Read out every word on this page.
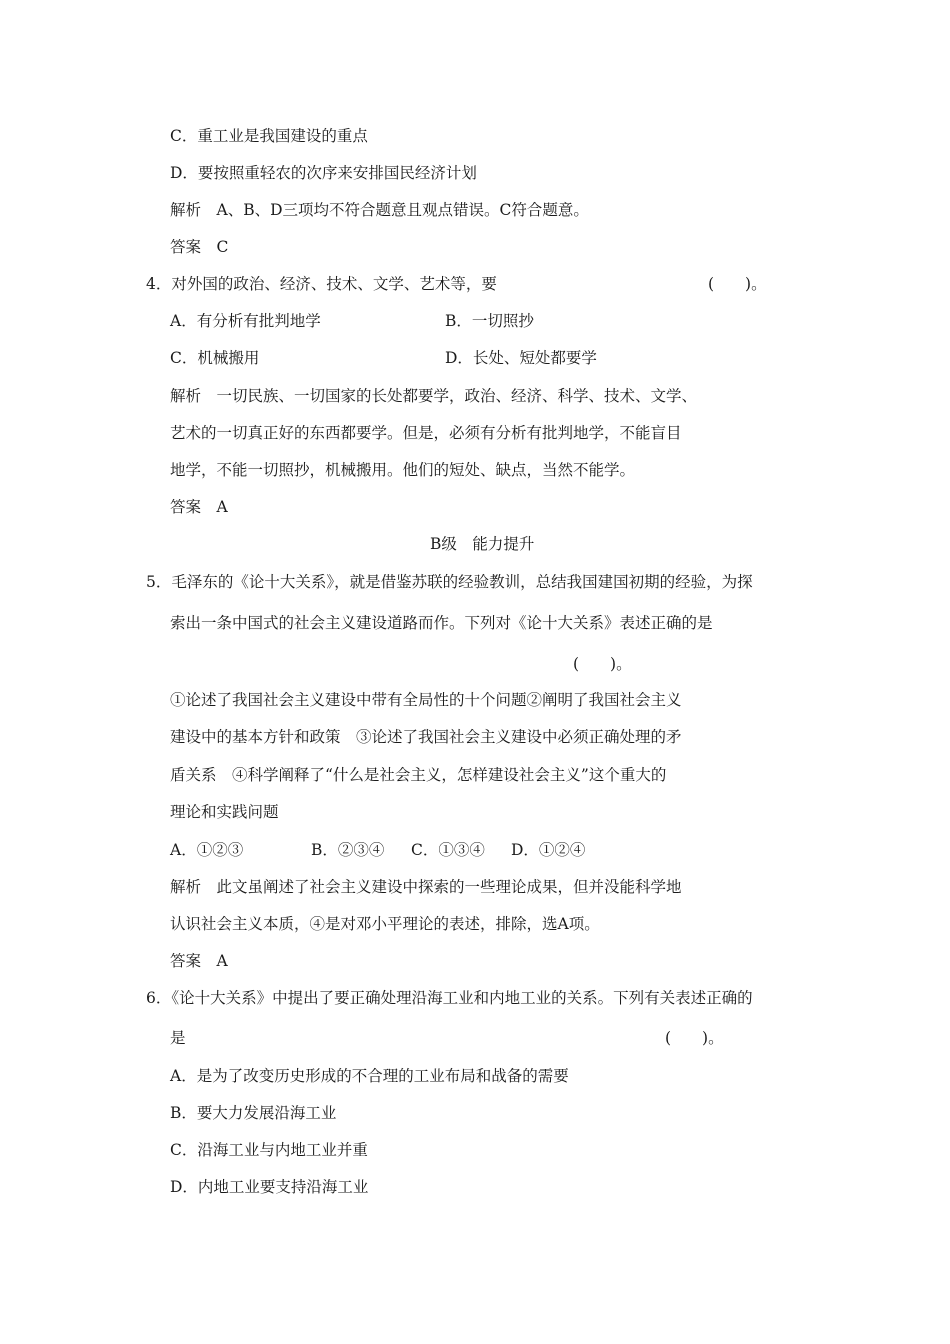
C．重工业是我国建设的重点
D．要按照重轻农的次序来安排国民经济计划
解析　A、B、D三项均不符合题意且观点错误。C符合题意。
答案　C
4．对外国的政治、经济、技术、文学、艺术等，要	(　　)。
A．有分析有批判地学	B．一切照抄
C．机械搬用	D．长处、短处都要学
解析　一切民族、一切国家的长处都要学，政治、经济、科学、技术、文学、
艺术的一切真正好的东西都要学。但是，必须有分析有批判地学，不能盲目
地学，不能一切照抄，机械搬用。他们的短处、缺点，当然不能学。
答案　A
B级　能力提升
5．毛泽东的《论十大关系》，就是借鉴苏联的经验教训，总结我国建国初期的经验，为探
索出一条中国式的社会主义建设道路而作。下列对《论十大关系》表述正确的是
(　　)。
①论述了我国社会主义建设中带有全局性的十个问题②阐明了我国社会主义
建设中的基本方针和政策　③论述了我国社会主义建设中必须正确处理的矛
盾关系　④科学阐释了“什么是社会主义，怎样建设社会主义”这个重大的
理论和实践问题
A．①②③	B．②③④ C．①③④ D．①②④
解析　此文虽阐述了社会主义建设中探索的一些理论成果，但并没能科学地
认识社会主义本质，④是对邓小平理论的表述，排除，选A项。
答案　A
6．《论十大关系》中提出了要正确处理沿海工业和内地工业的关系。下列有关表述正确的
是	(　　)。
A．是为了改变历史形成的不合理的工业布局和战备的需要
B．要大力发展沿海工业
C．沿海工业与内地工业并重
D．内地工业要支持沿海工业
